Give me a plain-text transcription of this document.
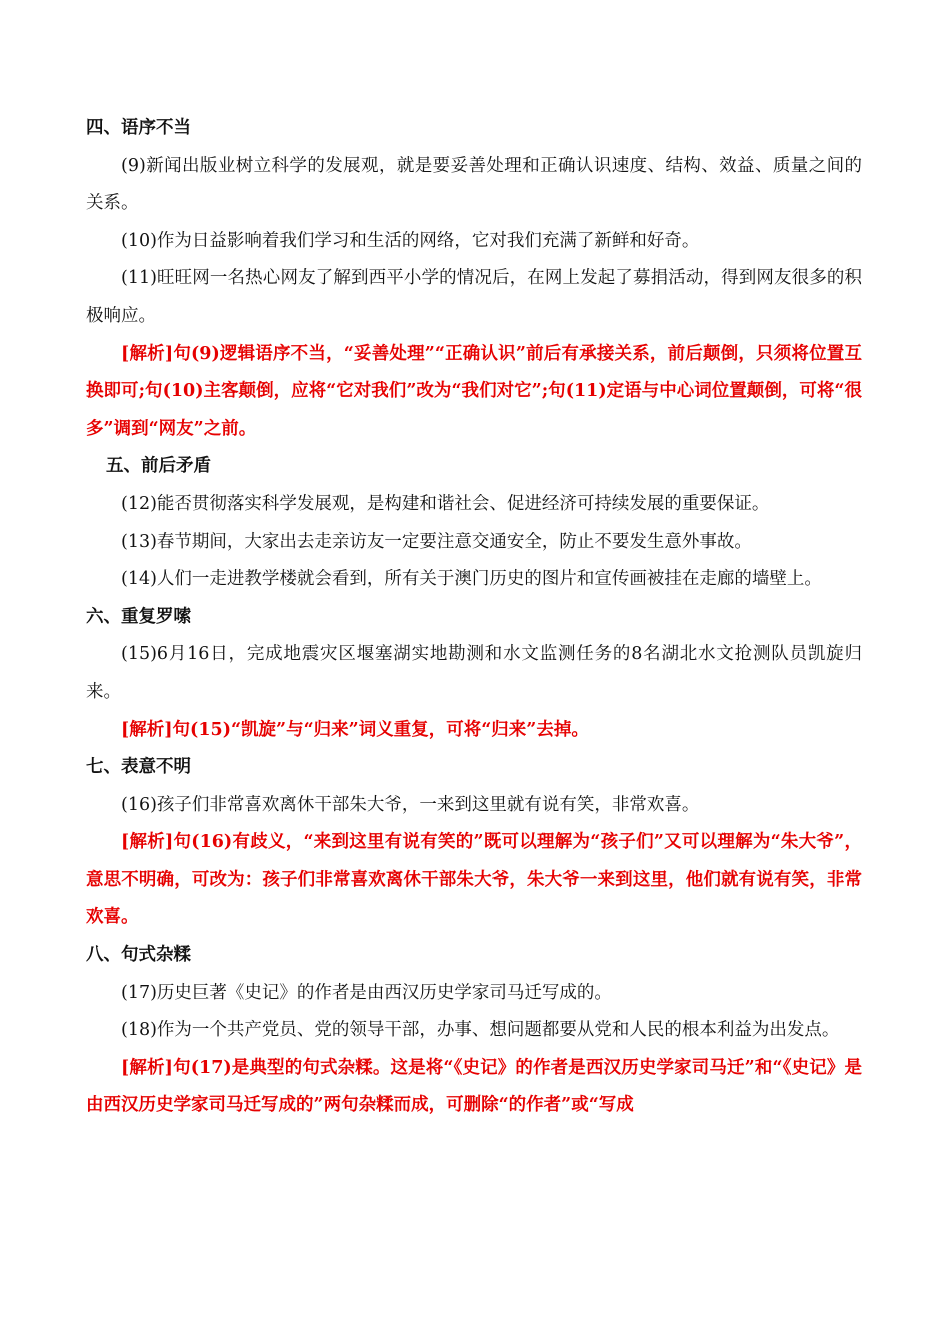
四、语序不当

(9)新闻出版业树立科学的发展观，就是要妥善处理和正确认识速度、结构、效益、质量之间的关系。

(10)作为日益影响着我们学习和生活的网络，它对我们充满了新鲜和好奇。

(11)旺旺网一名热心网友了解到西平小学的情况后，在网上发起了募捐活动，得到网友很多的积极响应。

[解析]句(9)逻辑语序不当，“妥善处理”“正确认识”前后有承接关系，前后颠倒，只须将位置互换即可;句(10)主客颠倒，应将“它对我们”改为“我们对它”;句(11)定语与中心词位置颠倒，可将“很多”调到“网友”之前。

五、前后矛盾

(12)能否贯彻落实科学发展观，是构建和谐社会、促进经济可持续发展的重要保证。

(13)春节期间，大家出去走亲访友一定要注意交通安全，防止不要发生意外事故。

(14)人们一走进教学楼就会看到，所有关于澳门历史的图片和宣传画被挂在走廊的墙壁上。

六、重复罗嗦

(15)6月16日，完成地震灾区堰塞湖实地勘测和水文监测任务的8名湖北水文抢测队员凯旋归来。

[解析]句(15)“凯旋”与“归来”词义重复，可将“归来”去掉。

七、表意不明

(16)孩子们非常喜欢离休干部朱大爷，一来到这里就有说有笑，非常欢喜。

[解析]句(16)有歧义，“来到这里有说有笑的”既可以理解为“孩子们”又可以理解为“朱大爷”，意思不明确，可改为：孩子们非常喜欢离休干部朱大爷，朱大爷一来到这里，他们就有说有笑，非常欢喜。

八、句式杂糅

(17)历史巨著《史记》的作者是由西汉历史学家司马迁写成的。

(18)作为一个共产党员、党的领导干部，办事、想问题都要从党和人民的根本利益为出发点。

[解析]句(17)是典型的句式杂糅。这是将“《史记》的作者是西汉历史学家司马迁”和“《史记》是由西汉历史学家司马迁写成的”两句杂糅而成，可删除“的作者”或“写成
